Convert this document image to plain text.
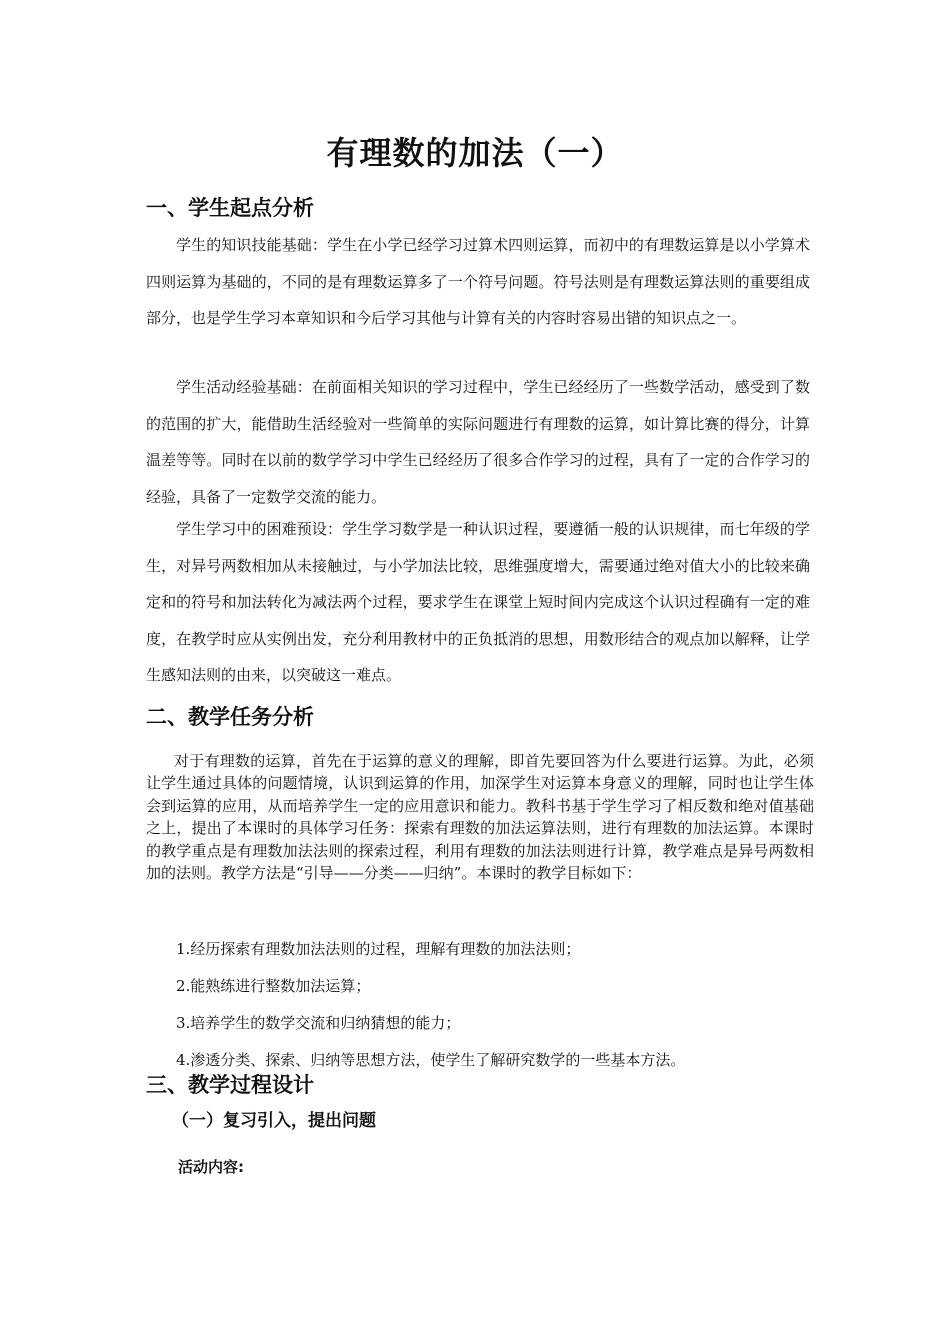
有理数的加法（一）
一、学生起点分析

学生的知识技能基础：学生在小学已经学习过算术四则运算，而初中的有理数运算是以小学算术四则运算为基础的，不同的是有理数运算多了一个符号问题。符号法则是有理数运算法则的重要组成部分，也是学生学习本章知识和今后学习其他与计算有关的内容时容易出错的知识点之一。

学生活动经验基础：在前面相关知识的学习过程中，学生已经经历了一些数学活动，感受到了数的范围的扩大，能借助生活经验对一些简单的实际问题进行有理数的运算，如计算比赛的得分，计算温差等等。同时在以前的数学学习中学生已经经历了很多合作学习的过程，具有了一定的合作学习的经验，具备了一定数学交流的能力。

学生学习中的困难预设：学生学习数学是一种认识过程，要遵循一般的认识规律，而七年级的学生，对异号两数相加从未接触过，与小学加法比较，思维强度增大，需要通过绝对值大小的比较来确定和的符号和加法转化为减法两个过程，要求学生在课堂上短时间内完成这个认识过程确有一定的难度，在教学时应从实例出发，充分利用教材中的正负抵消的思想，用数形结合的观点加以解释，让学生感知法则的由来，以突破这一难点。

二、教学任务分析

对于有理数的运算，首先在于运算的意义的理解，即首先要回答为什么要进行运算。为此，必须让学生通过具体的问题情境，认识到运算的作用，加深学生对运算本身意义的理解，同时也让学生体会到运算的应用，从而培养学生一定的应用意识和能力。教科书基于学生学习了相反数和绝对值基础之上，提出了本课时的具体学习任务：探索有理数的加法运算法则，进行有理数的加法运算。本课时的教学重点是有理数加法法则的探索过程，利用有理数的加法法则进行计算，教学难点是异号两数相加的法则。教学方法是“引导——分类——归纳”。本课时的教学目标如下：

1.经历探索有理数加法法则的过程，理解有理数的加法法则；
2.能熟练进行整数加法运算；
3.培养学生的数学交流和归纳猜想的能力；
4.渗透分类、探索、归纳等思想方法，使学生了解研究数学的一些基本方法。
三、教学过程设计
（一）复习引入，提出问题
活动内容:
